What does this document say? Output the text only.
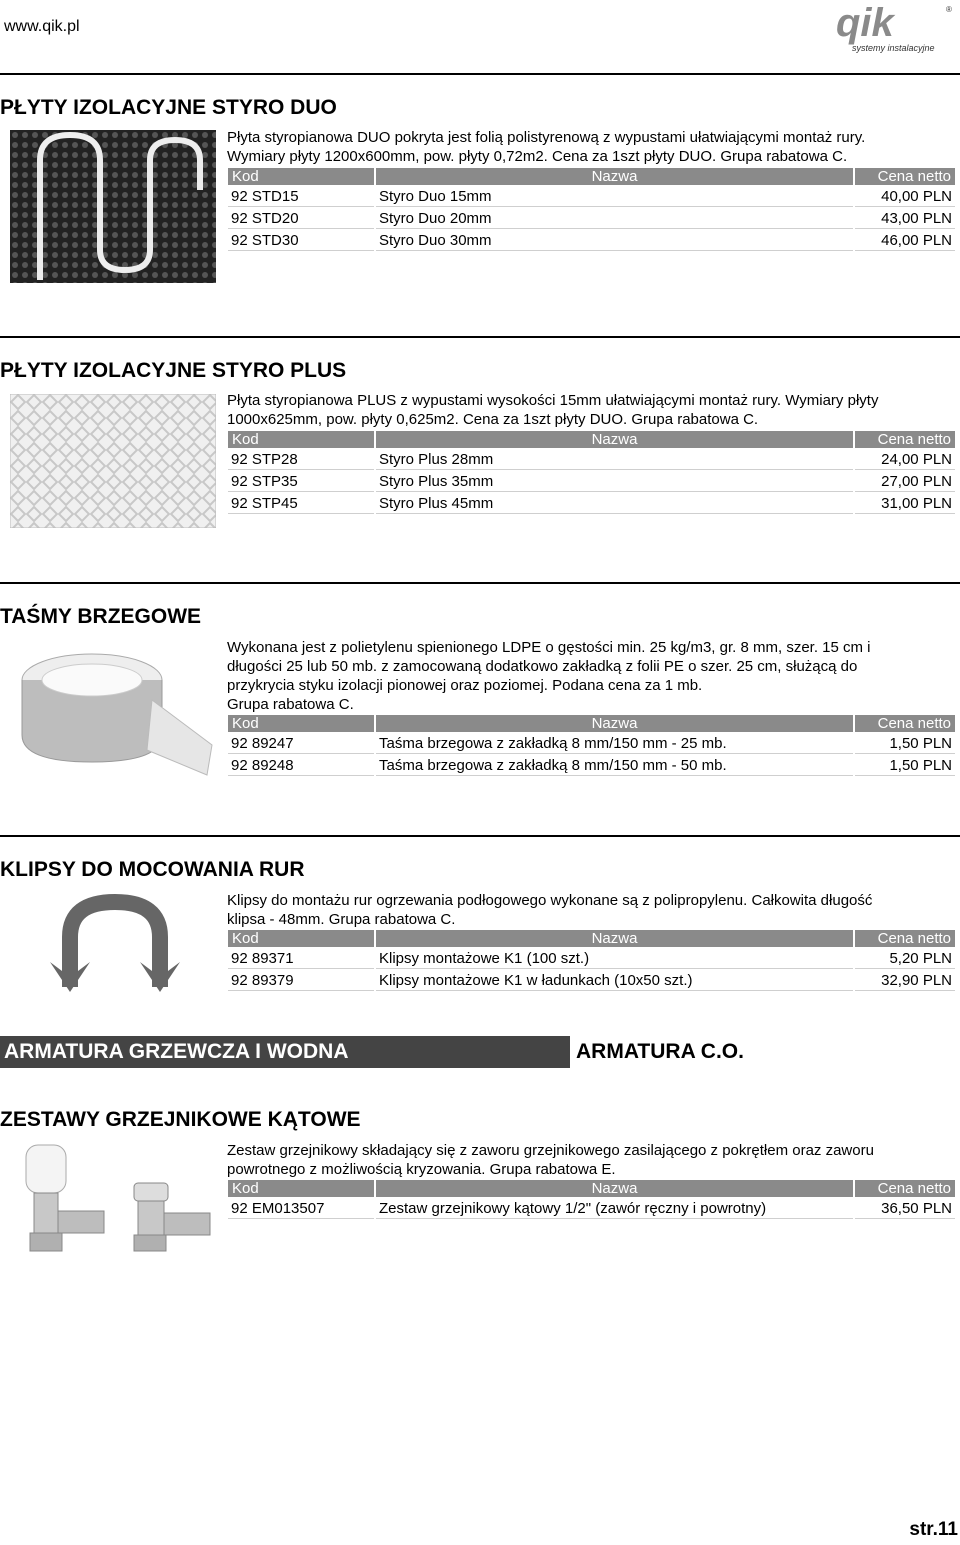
www.qik.pl	qik
systemy instalacyjne
®
PŁYTY IZOLACYJNE STYRO DUO
Płyta styropianowa DUO pokryta jest folią polistyrenową z wypustami ułatwiającymi montaż rury.
Wymiary płyty 1200x600mm, pow. płyty 0,72m2. Cena za 1szt płyty DUO. Grupa rabatowa C.
Kod	Nazwa	Cena netto
92 STD15	Styro Duo 15mm	40,00 PLN
92 STD20	Styro Duo 20mm	43,00 PLN
92 STD30	Styro Duo 30mm	46,00 PLN
PŁYTY IZOLACYJNE STYRO PLUS
Płyta styropianowa PLUS z wypustami wysokości 15mm ułatwiającymi montaż rury. Wymiary płyty
1000x625mm, pow. płyty 0,625m2. Cena za 1szt płyty DUO. Grupa rabatowa C.
Kod	Nazwa	Cena netto
92 STP28	Styro Plus 28mm	24,00 PLN
92 STP35	Styro Plus 35mm	27,00 PLN
92 STP45	Styro Plus 45mm	31,00 PLN
TAŚMY BRZEGOWE
Wykonana jest z polietylenu spienionego LDPE o gęstości min. 25 kg/m3, gr. 8 mm, szer. 15 cm i
długości 25 lub 50 mb. z zamocowaną dodatkowo zakładką z folii PE o szer. 25 cm, służącą do
przykrycia styku izolacji pionowej oraz poziomej. Podana cena za 1 mb.
Grupa rabatowa C.
Kod	Nazwa	Cena netto
92 89247	Taśma brzegowa z zakładką 8 mm/150 mm - 25 mb.	1,50 PLN
92 89248	Taśma brzegowa z zakładką 8 mm/150 mm - 50 mb.	1,50 PLN
KLIPSY DO MOCOWANIA RUR
Klipsy do montażu rur ogrzewania podłogowego wykonane są z polipropylenu. Całkowita długość
klipsa - 48mm. Grupa rabatowa C.
Kod	Nazwa	Cena netto
92 89371	Klipsy montażowe K1 (100 szt.)	5,20 PLN
92 89379	Klipsy montażowe K1 w ładunkach (10x50 szt.)	32,90 PLN
ARMATURA GRZEWCZA I WODNA	ARMATURA C.O.
ZESTAWY GRZEJNIKOWE KĄTOWE
Zestaw grzejnikowy składający się z zaworu grzejnikowego zasilającego z pokrętłem oraz zaworu
powrotnego z możliwością kryzowania. Grupa rabatowa E.
Kod	Nazwa	Cena netto
92 EM013507	Zestaw grzejnikowy kątowy 1/2" (zawór ręczny i powrotny)	36,50 PLN
str.11
